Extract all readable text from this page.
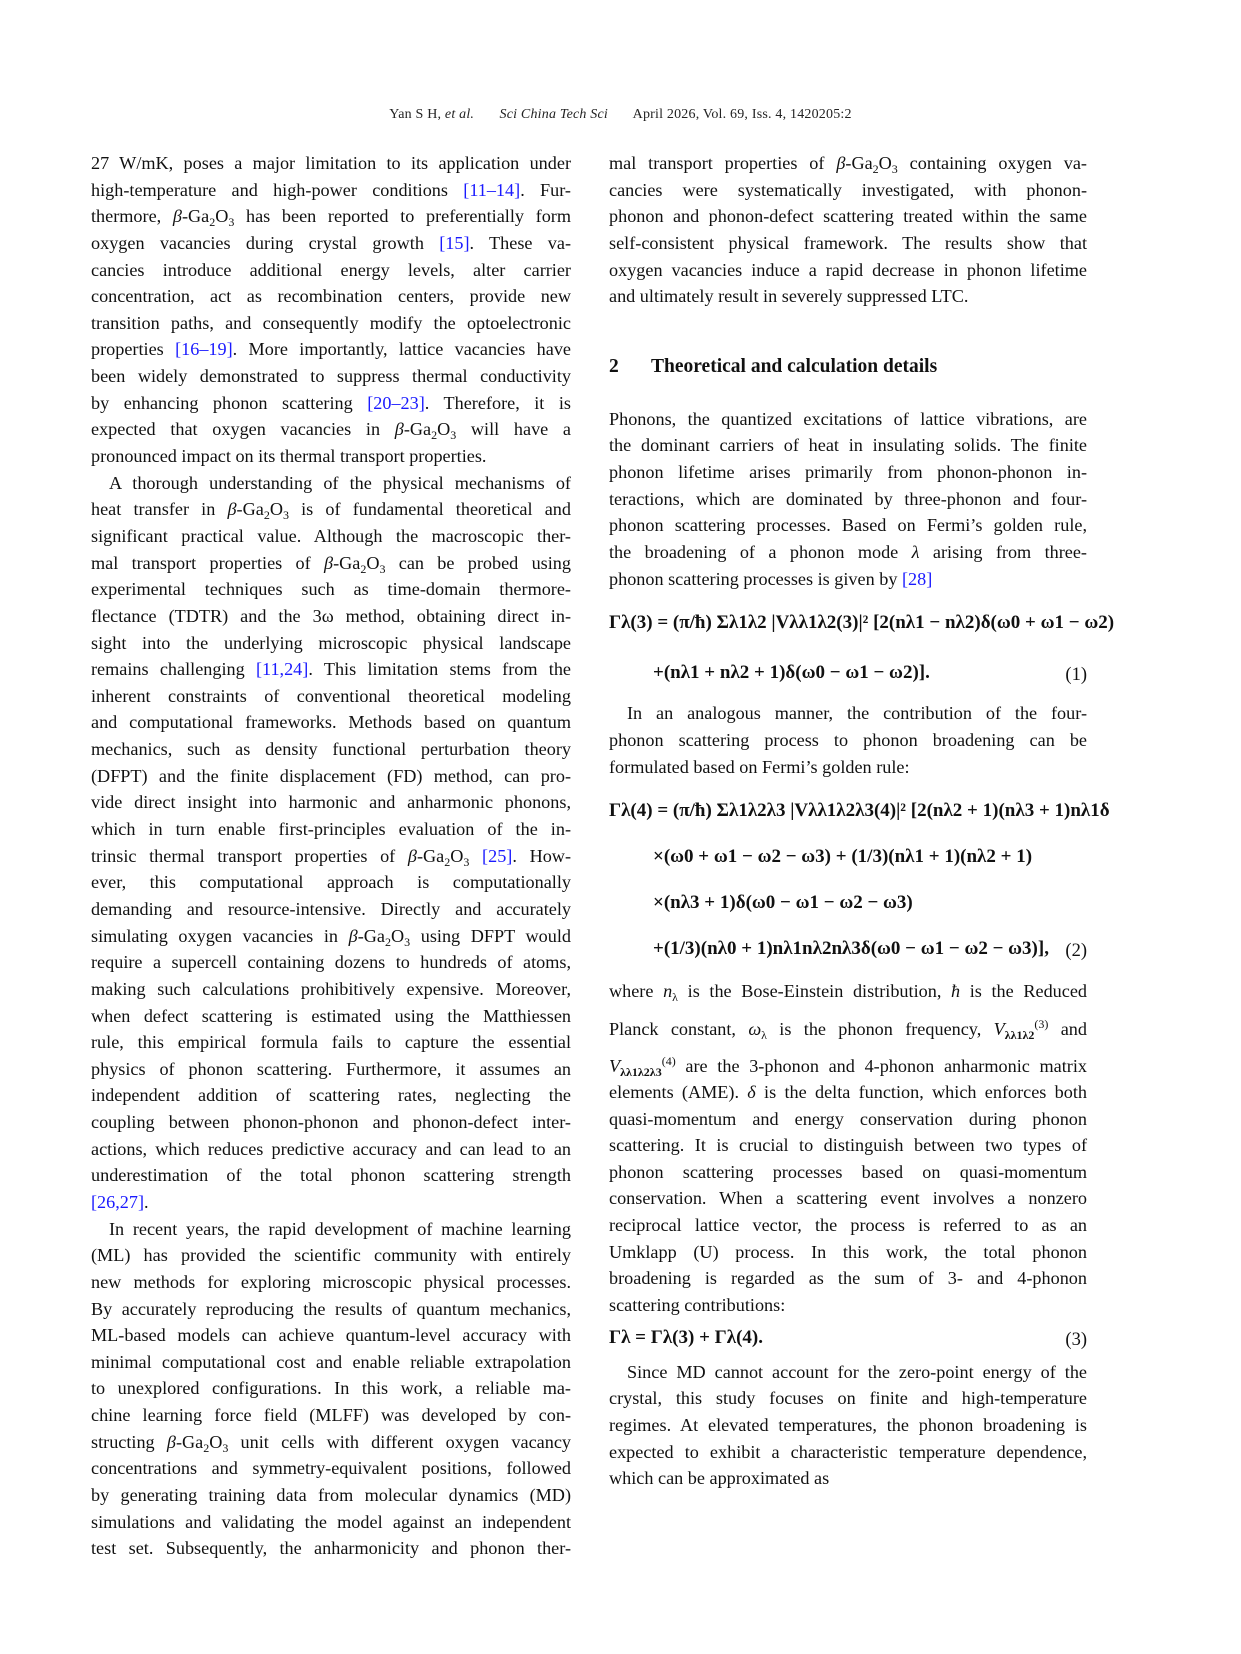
Yan S H, et al. Sci China Tech Sci April 2026, Vol. 69, Iss. 4, 1420205:2
27 W/mK, poses a major limitation to its application under
high-temperature and high-power conditions [11–14]. Fur-
thermore, $\beta-Ga_2O_3$ has been reported to preferentially form
oxygen vacancies during crystal growth [15]. These va-
cancies introduce additional energy levels, alter carrier
concentration, act as recombination centers, provide new
transition paths, and consequently modify the optoelectronic
properties [16–19]. More importantly, lattice vacancies have
been widely demonstrated to suppress thermal conductivity
by enhancing phonon scattering [20–23]. Therefore, it is
expected that oxygen vacancies in $\beta-Ga_2O_3$ will have a
pronounced impact on its thermal transport properties.
A thorough understanding of the physical mechanisms of
heat transfer in $\beta-Ga_2O_3$ is of fundamental theoretical and
significant practical value. Although the macroscopic ther-
mal transport properties of $\beta-Ga_2O_3$ can be probed using
experimental techniques such as time-domain thermore-
flectance (TDTR) and the 3ω method, obtaining direct in-
sight into the underlying microscopic physical landscape
remains challenging [11,24]. This limitation stems from the
inherent constraints of conventional theoretical modeling
and computational frameworks. Methods based on quantum
mechanics, such as density functional perturbation theory
(DFPT) and the finite displacement (FD) method, can pro-
vide direct insight into harmonic and anharmonic phonons,
which in turn enable first-principles evaluation of the in-
trinsic thermal transport properties of $\beta-Ga_2O_3$ [25]. How-
ever, this computational approach is computationally
demanding and resource-intensive. Directly and accurately
simulating oxygen vacancies in $\beta-Ga_2O_3$ using DFPT would
require a supercell containing dozens to hundreds of atoms,
making such calculations prohibitively expensive. Moreover,
when defect scattering is estimated using the Matthiessen
rule, this empirical formula fails to capture the essential
physics of phonon scattering. Furthermore, it assumes an
independent addition of scattering rates, neglecting the
coupling between phonon-phonon and phonon-defect inter-
actions, which reduces predictive accuracy and can lead to an
underestimation of the total phonon scattering strength
[26,27].
In recent years, the rapid development of machine learning
(ML) has provided the scientific community with entirely
new methods for exploring microscopic physical processes.
By accurately reproducing the results of quantum mechanics,
ML-based models can achieve quantum-level accuracy with
minimal computational cost and enable reliable extrapolation
to unexplored configurations. In this work, a reliable ma-
chine learning force field (MLFF) was developed by con-
structing $\beta-Ga_2O_3$ unit cells with different oxygen vacancy
concentrations and symmetry-equivalent positions, followed
by generating training data from molecular dynamics (MD)
simulations and validating the model against an independent
test set. Subsequently, the anharmonicity and phonon ther-
mal transport properties of $\beta-Ga_2O_3$ containing oxygen va-
cancies were systematically investigated, with phonon-
phonon and phonon-defect scattering treated within the same
self-consistent physical framework. The results show that
oxygen vacancies induce a rapid decrease in phonon lifetime
and ultimately result in severely suppressed LTC.
2 Theoretical and calculation details
Phonons, the quantized excitations of lattice vibrations, are
the dominant carriers of heat in insulating solids. The finite
phonon lifetime arises primarily from phonon-phonon in-
teractions, which are dominated by three-phonon and four-
phonon scattering processes. Based on Fermi’s golden rule,
the broadening of a phonon mode λ arising from three-
phonon scattering processes is given by [28]
Γλ(3) = (π/ħ) Σλ1λ2 |Vλλ1λ2(3)|² [2(nλ1 − nλ2)δ(ω0 + ω1 − ω2)
+(nλ1 + nλ2 + 1)δ(ω0 − ω1 − ω2)].	(1)
In an analogous manner, the contribution of the four-
phonon scattering process to phonon broadening can be
formulated based on Fermi’s golden rule:
Γλ(4) = (π/ħ) Σλ1λ2λ3 |Vλλ1λ2λ3(4)|² [2(nλ2 + 1)(nλ3 + 1)nλ1δ
×(ω0 + ω1 − ω2 − ω3) + (1/3)(nλ1 + 1)(nλ2 + 1)
×(nλ3 + 1)δ(ω0 − ω1 − ω2 − ω3)
+(1/3)(nλ0 + 1)nλ1nλ2nλ3δ(ω0 − ω1 − ω2 − ω3)], (2)
where $n_\lambda$ is the Bose-Einstein distribution, ħ is the Reduced
Planck constant, $\omega_\lambda$ is the phonon frequency, $V_{\lambda\lambda 1\lambda 2}^{(3)}$ and
$V_{\lambda\lambda 1\lambda 2\lambda 3}^{(4)}$ are the 3-phonon and 4-phonon anharmonic matrix
elements (AME). δ is the delta function, which enforces both
quasi-momentum and energy conservation during phonon
scattering. It is crucial to distinguish between two types of
phonon scattering processes based on quasi-momentum
conservation. When a scattering event involves a nonzero
reciprocal lattice vector, the process is referred to as an
Umklapp (U) process. In this work, the total phonon
broadening is regarded as the sum of 3- and 4-phonon
scattering contributions:
Γλ = Γλ(3) + Γλ(4).	(3)
Since MD cannot account for the zero-point energy of the
crystal, this study focuses on finite and high-temperature
regimes. At elevated temperatures, the phonon broadening is
expected to exhibit a characteristic temperature dependence,
which can be approximated as
